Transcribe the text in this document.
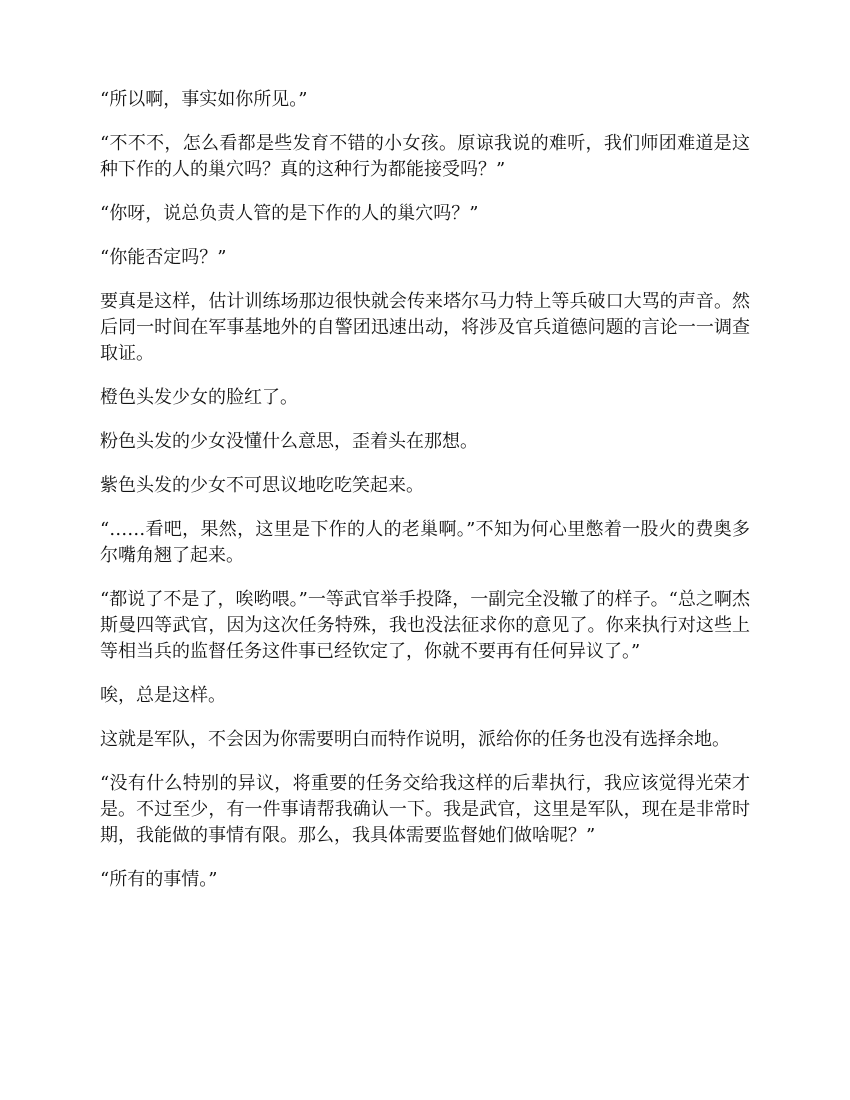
“所以啊，事实如你所见。”

“不不不，怎么看都是些发育不错的小女孩。原谅我说的难听，我们师团难道是这种下作的人的巢穴吗？真的这种行为都能接受吗？”

“你呀，说总负责人管的是下作的人的巢穴吗？”

“你能否定吗？”

要真是这样，估计训练场那边很快就会传来塔尔马力特上等兵破口大骂的声音。然后同一时间在军事基地外的自警团迅速出动，将涉及官兵道德问题的言论一一调查取证。

橙色头发少女的脸红了。

粉色头发的少女没懂什么意思，歪着头在那想。

紫色头发的少女不可思议地吃吃笑起来。

“……看吧，果然，这里是下作的人的老巢啊。”不知为何心里憋着一股火的费奥多尔嘴角翘了起来。

“都说了不是了，唉哟喂。”一等武官举手投降，一副完全没辙了的样子。“总之啊杰斯曼四等武官，因为这次任务特殊，我也没法征求你的意见了。你来执行对这些上等相当兵的监督任务这件事已经钦定了，你就不要再有任何异议了。”

唉，总是这样。

这就是军队，不会因为你需要明白而特作说明，派给你的任务也没有选择余地。

“没有什么特别的异议，将重要的任务交给我这样的后辈执行，我应该觉得光荣才是。不过至少，有一件事请帮我确认一下。我是武官，这里是军队，现在是非常时期，我能做的事情有限。那么，我具体需要监督她们做啥呢？”

“所有的事情。”
